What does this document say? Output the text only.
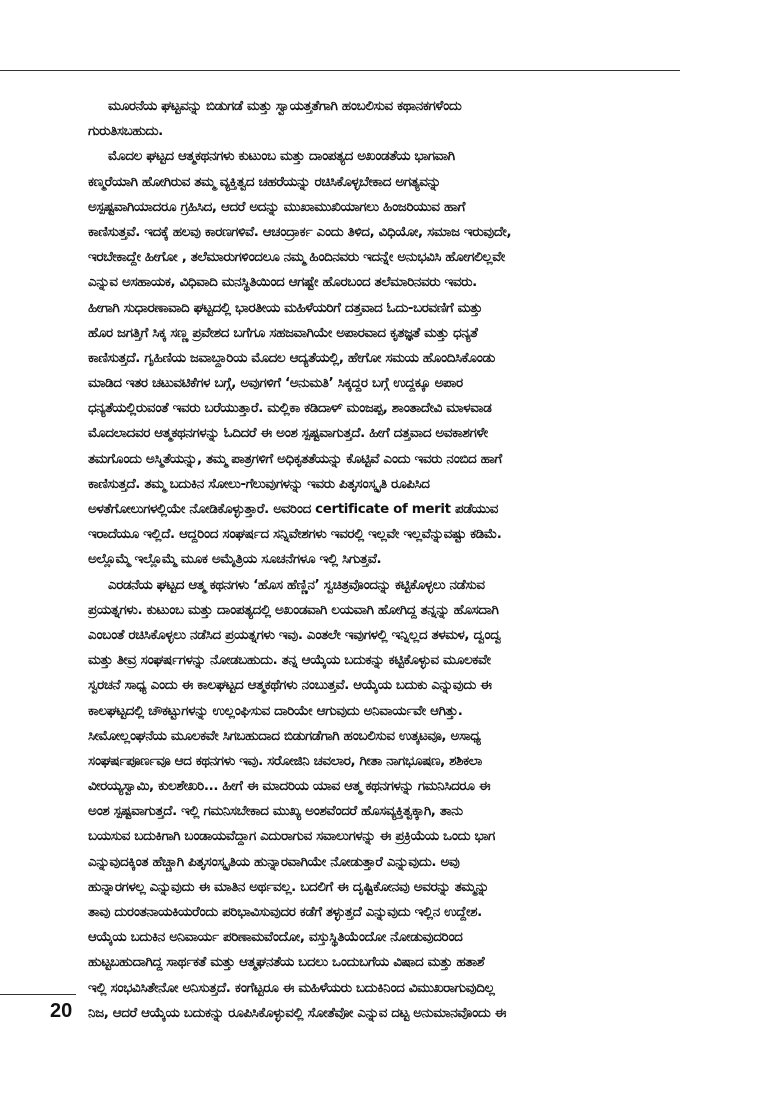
ಮೂರನೆಯ ಘಟ್ಟವನ್ನು ಬಿಡುಗಡೆ ಮತ್ತು ಸ್ವಾಯತ್ತತೆಗಾಗಿ ಹಂಬಲಿಸುವ ಕಥಾನಕಗಳೆಂದು
ಗುರುತಿಸಬಹುದು.
ಮೊದಲ ಘಟ್ಟದ ಆತ್ಮಕಥನಗಳು ಕುಟುಂಬ ಮತ್ತು ದಾಂಪತ್ಯದ ಅಖಂಡತೆಯ ಭಾಗವಾಗಿ
ಕಣ್ಮರೆಯಾಗಿ ಹೋಗಿರುವ ತಮ್ಮ ವ್ಯಕ್ತಿತ್ವದ ಚಹರೆಯನ್ನು ರಚಿಸಿಕೊಳ್ಳಬೇಕಾದ ಅಗತ್ಯವನ್ನು
ಅಸ್ಪಷ್ಟವಾಗಿಯಾದರೂ ಗ್ರಹಿಸಿದ, ಆದರೆ ಅದನ್ನು ಮುಖಾಮುಖಿಯಾಗಲು ಹಿಂಜರಿಯುವ ಹಾಗೆ
ಕಾಣಿಸುತ್ತವೆ. ಇದಕ್ಕೆ ಹಲವು ಕಾರಣಗಳಿವೆ. ಆಚಂದ್ರಾರ್ಕ ಎಂದು ತಿಳಿದ, ವಿಧಿಯೋ, ಸಮಾಜ ಇರುವುದೇ,
ಇರಬೇಕಾದ್ದೇ ಹೀಗೋ , ತಲೆಮಾರುಗಳಿಂದಲೂ ನಮ್ಮ ಹಿಂದಿನವರು ಇದನ್ನೇ ಅನುಭವಿಸಿ ಹೋಗಲಿಲ್ಲವೇ
ಎನ್ನುವ ಅಸಹಾಯಕ, ವಿಧಿವಾದಿ ಮನಸ್ಥಿತಿಯಿಂದ ಆಗಷ್ಟೇ ಹೊರಬಂದ ತಲೆಮಾರಿನವರು ಇವರು.
ಹೀಗಾಗಿ ಸುಧಾರಣಾವಾದಿ ಘಟ್ಟದಲ್ಲಿ ಭಾರತೀಯ ಮಹಿಳೆಯರಿಗೆ ದತ್ತವಾದ ಓದು-ಬರವಣಿಗೆ ಮತ್ತು
ಹೊರ ಜಗತ್ತಿಗೆ ಸಿಕ್ಕ ಸಣ್ಣ ಪ್ರವೇಶದ ಬಗೆಗೂ ಸಹಜವಾಗಿಯೇ ಅಪಾರವಾದ ಕೃತಜ್ಞತೆ ಮತ್ತು ಧನ್ಯತೆ
ಕಾಣಿಸುತ್ತದೆ. ಗೃಹಿಣಿಯ ಜವಾಬ್ದಾರಿಯ ಮೊದಲ ಆದ್ಯತೆಯಲ್ಲಿ, ಹೇಗೋ ಸಮಯ ಹೊಂದಿಸಿಕೊಂಡು
ಮಾಡಿದ ಇತರ ಚಟುವಟಿಕೆಗಳ ಬಗ್ಗೆ, ಅವುಗಳಿಗೆ ‘ಅನುಮತಿ’ ಸಿಕ್ಕದ್ದರ ಬಗ್ಗೆ ಉದ್ದಕ್ಕೂ ಅಪಾರ
ಧನ್ಯತೆಯಲ್ಲಿರುವಂತೆ ಇವರು ಬರೆಯುತ್ತಾರೆ. ಮಲ್ಲಿಕಾ ಕಡಿದಾಳ್ ಮಂಜಪ್ಪ, ಶಾಂತಾದೇವಿ ಮಾಳವಾಡ
ಮೊದಲಾದವರ ಆತ್ಮಕಥನಗಳನ್ನು ಓದಿದರೆ ಈ ಅಂಶ ಸ್ಪಷ್ಟವಾಗುತ್ತದೆ. ಹೀಗೆ ದತ್ತವಾದ ಅವಕಾಶಗಳೇ
ತಮಗೊಂದು ಅಸ್ಮಿತೆಯನ್ನು, ತಮ್ಮ ಪಾತ್ರಗಳಿಗೆ ಅಧಿಕೃತತೆಯನ್ನು ಕೊಟ್ಟಿವೆ ಎಂದು ಇವರು ನಂಬಿದ ಹಾಗೆ
ಕಾಣಿಸುತ್ತದೆ. ತಮ್ಮ ಬದುಕಿನ ಸೋಲು-ಗೆಲುವುಗಳನ್ನು ಇವರು ಪಿತೃಸಂಸ್ಕೃತಿ ರೂಪಿಸಿದ
ಅಳತೆಗೋಲುಗಳಲ್ಲಿಯೇ ನೋಡಿಕೊಳ್ಳುತ್ತಾರೆ. ಅವರಿಂದ certificate of merit ಪಡೆಯುವ
ಇರಾದೆಯೂ ಇಲ್ಲಿದೆ. ಆದ್ದರಿಂದ ಸಂಘರ್ಷದ ಸನ್ನಿವೇಶಗಳು ಇವರಲ್ಲಿ ಇಲ್ಲವೇ ಇಲ್ಲವೆನ್ನುವಷ್ಟು ಕಡಿಮೆ.
ಅಲ್ಲೊಮ್ಮೆ ಇಲ್ಲೊಮ್ಮೆ ಮೂಕ ಅಮೈತ್ರಿಯ ಸೂಚನೆಗಳೂ ಇಲ್ಲಿ ಸಿಗುತ್ತವೆ.
ಎರಡನೆಯ ಘಟ್ಟದ ಆತ್ಮ ಕಥನಗಳು ‘ಹೊಸ ಹೆಣ್ಣಿನ’ ಸ್ವಚಿತ್ರವೊಂದನ್ನು ಕಟ್ಟಿಕೊಳ್ಳಲು ನಡೆಸುವ
ಪ್ರಯತ್ನಗಳು. ಕುಟುಂಬ ಮತ್ತು ದಾಂಪತ್ಯದಲ್ಲಿ ಅಖಂಡವಾಗಿ ಲಯವಾಗಿ ಹೋಗಿದ್ದ ತನ್ನನ್ನು ಹೊಸದಾಗಿ
ಎಂಬಂತೆ ರಚಿಸಿಕೊಳ್ಳಲು ನಡೆಸಿದ ಪ್ರಯತ್ನಗಳು ಇವು. ಎಂತಲೇ ಇವುಗಳಲ್ಲಿ ಇನ್ನಿಲ್ಲದ ತಳಮಳ, ದ್ವಂದ್ವ
ಮತ್ತು ತೀವ್ರ ಸಂಘರ್ಷಗಳನ್ನು ನೋಡಬಹುದು. ತನ್ನ ಆಯ್ಕೆಯ ಬದುಕನ್ನು ಕಟ್ಟಿಕೊಳ್ಳುವ ಮೂಲಕವೇ
ಸ್ವರಚನೆ ಸಾಧ್ಯ ಎಂದು ಈ ಕಾಲಘಟ್ಟದ ಆತ್ಮಕಥೆಗಳು ನಂಬುತ್ತವೆ. ಆಯ್ಕೆಯ ಬದುಕು ಎನ್ನುವುದು ಈ
ಕಾಲಘಟ್ಟದಲ್ಲಿ ಚೌಕಟ್ಟುಗಳನ್ನು ಉಲ್ಲಂಘಿಸುವ ದಾರಿಯೇ ಆಗುವುದು ಅನಿವಾರ್ಯವೇ ಆಗಿತ್ತು.
ಸೀಮೋಲ್ಲಂಘನೆಯ ಮೂಲಕವೇ ಸಿಗಬಹುದಾದ ಬಿಡುಗಡೆಗಾಗಿ ಹಂಬಲಿಸುವ ಉತ್ಕಟವೂ, ಅಸಾಧ್ಯ
ಸಂಘರ್ಷಪೂರ್ಣವೂ ಆದ ಕಥನಗಳು ಇವು. ಸರೋಜಿನಿ ಚವಲಾರ, ಗೀತಾ ನಾಗಭೂಷಣ, ಶಶಿಕಲಾ
ವೀರಯ್ಯಸ್ವಾಮಿ, ಕುಲಶೇಖರಿ... ಹೀಗೆ ಈ ಮಾದರಿಯ ಯಾವ ಆತ್ಮ ಕಥನಗಳನ್ನು ಗಮನಿಸಿದರೂ ಈ
ಅಂಶ ಸ್ಪಷ್ಟವಾಗುತ್ತದೆ. ಇಲ್ಲಿ ಗಮನಿಸಬೇಕಾದ ಮುಖ್ಯ ಅಂಶವೆಂದರೆ ಹೊಸವ್ಯಕ್ತಿತ್ವಕ್ಕಾಗಿ, ತಾನು
ಬಯಸುವ ಬದುಕಿಗಾಗಿ ಬಂಡಾಯವೆದ್ದಾಗ ಎದುರಾಗುವ ಸವಾಲುಗಳನ್ನು ಈ ಪ್ರಕ್ರಿಯೆಯ ಒಂದು ಭಾಗ
ಎನ್ನುವುದಕ್ಕಿಂತ ಹೆಚ್ಚಾಗಿ ಪಿತೃಸಂಸ್ಕೃತಿಯ ಹುನ್ನಾರವಾಗಿಯೇ ನೋಡುತ್ತಾರೆ ಎನ್ನುವುದು. ಅವು
ಹುನ್ನಾರಗಳಲ್ಲ ಎನ್ನುವುದು ಈ ಮಾತಿನ ಅರ್ಥವಲ್ಲ. ಬದಲಿಗೆ ಈ ದೃಷ್ಟಿಕೋನವು ಅವರನ್ನು ತಮ್ಮನ್ನು
ತಾವು ದುರಂತನಾಯಕಿಯರೆಂದು ಪರಿಭಾವಿಸುವುದರ ಕಡೆಗೆ ತಳ್ಳುತ್ತದೆ ಎನ್ನುವುದು ಇಲ್ಲಿನ ಉದ್ದೇಶ.
ಆಯ್ಕೆಯ ಬದುಕಿನ ಅನಿವಾರ್ಯ ಪರಿಣಾಮವೆಂದೋ, ವಸ್ತುಸ್ಥಿತಿಯೆಂದೋ ನೋಡುವುದರಿಂದ
ಹುಟ್ಟಬಹುದಾಗಿದ್ದ ಸಾರ್ಥಕತೆ ಮತ್ತು ಆತ್ಮಘನತೆಯ ಬದಲು ಒಂದುಬಗೆಯ ವಿಷಾದ ಮತ್ತು ಹತಾಶೆ
ಇಲ್ಲಿ ಸಂಭವಿಸಿತೇನೋ ಅನಿಸುತ್ತದೆ. ಕಂಗೆಟ್ಟರೂ ಈ ಮಹಿಳೆಯರು ಬದುಕಿನಿಂದ ವಿಮುಖರಾಗುವುದಿಲ್ಲ
ನಿಜ, ಆದರೆ ಆಯ್ಕೆಯ ಬದುಕನ್ನು ರೂಪಿಸಿಕೊಳ್ಳುವಲ್ಲಿ ಸೋತೆವೋ ಎನ್ನುವ ದಟ್ಟ ಅನುಮಾನವೊಂದು ಈ
20
